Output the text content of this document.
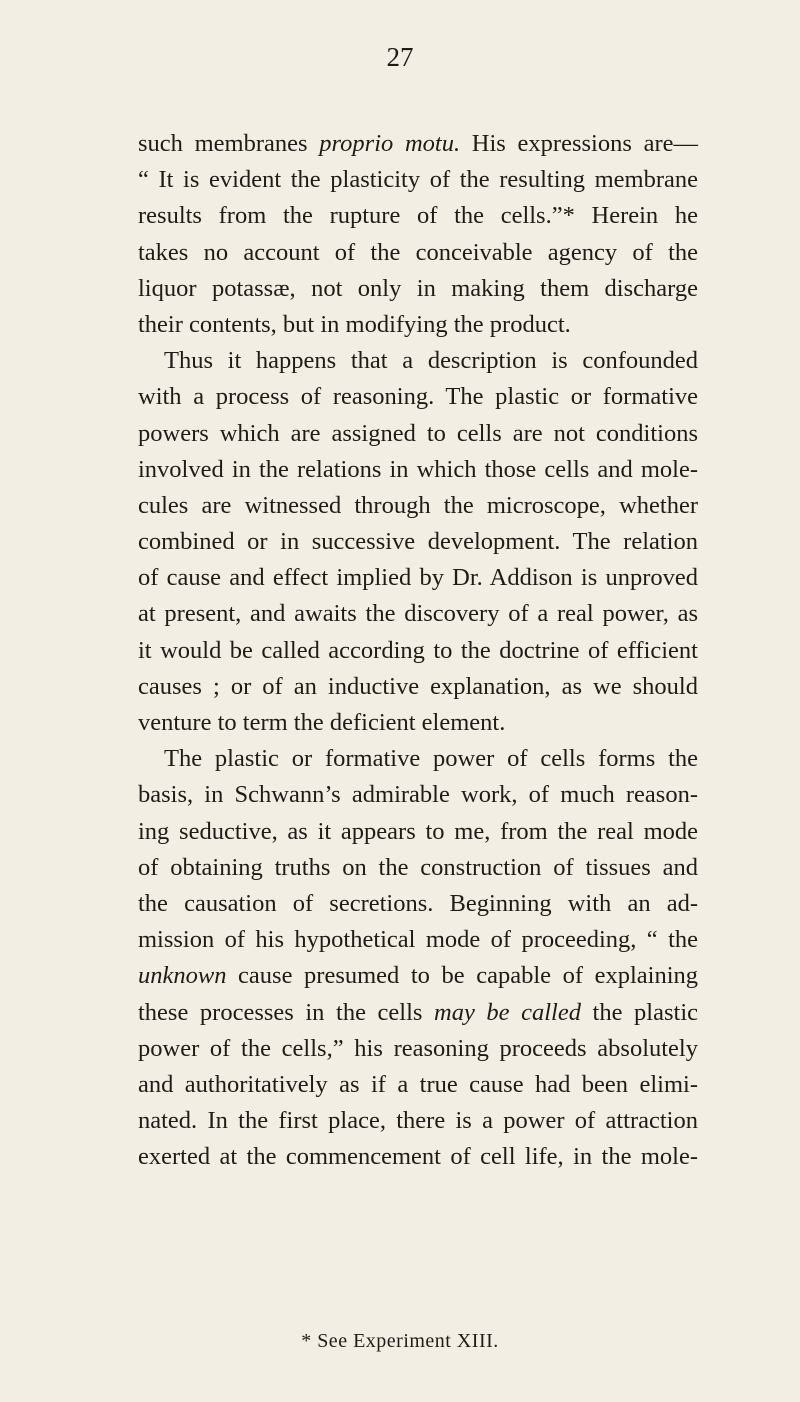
27
such membranes proprio motu. His expressions are—
“ It is evident the plasticity of the resulting membrane
results from the rupture of the cells.”* Herein he
takes no account of the conceivable agency of the
liquor potassæ, not only in making them discharge
their contents, but in modifying the product.
Thus it happens that a description is confounded
with a process of reasoning. The plastic or formative
powers which are assigned to cells are not conditions
involved in the relations in which those cells and mole-
cules are witnessed through the microscope, whether
combined or in successive development. The relation
of cause and effect implied by Dr. Addison is unproved
at present, and awaits the discovery of a real power, as
it would be called according to the doctrine of efficient
causes ; or of an inductive explanation, as we should
venture to term the deficient element.
The plastic or formative power of cells forms the
basis, in Schwann’s admirable work, of much reason-
ing seductive, as it appears to me, from the real mode
of obtaining truths on the construction of tissues and
the causation of secretions. Beginning with an ad-
mission of his hypothetical mode of proceeding, “ the
unknown cause presumed to be capable of explaining
these processes in the cells may be called the plastic
power of the cells,” his reasoning proceeds absolutely
and authoritatively as if a true cause had been elimi-
nated. In the first place, there is a power of attraction
exerted at the commencement of cell life, in the mole-
* See Experiment XIII.
